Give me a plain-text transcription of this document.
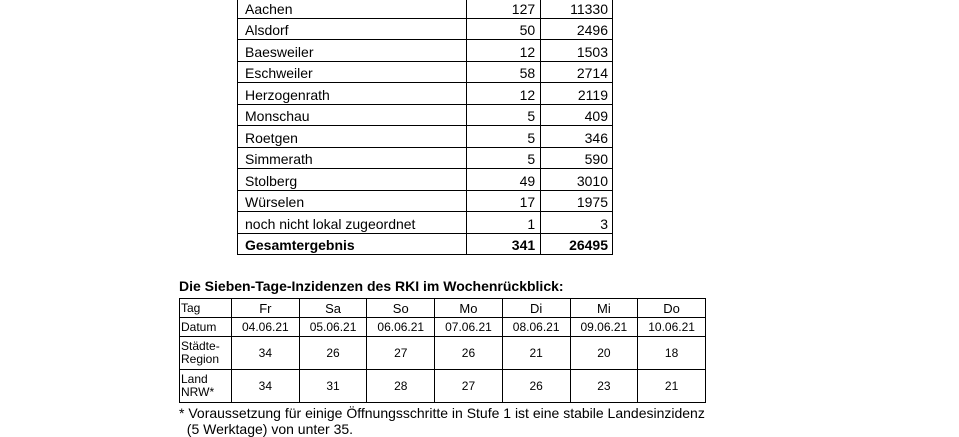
Aachen	127	11330
Alsdorf	50	2496
Baesweiler	12	1503
Eschweiler	58	2714
Herzogenrath	12	2119
Monschau	5	409
Roetgen	5	346
Simmerath	5	590
Stolberg	49	3010
Würselen	17	1975
noch nicht lokal zugeordnet	1	3
Gesamtergebnis	341	26495

Die Sieben-Tage-Inzidenzen des RKI im Wochenrückblick:

Tag	Fr	Sa	So	Mo	Di	Mi	Do
Datum	04.06.21	05.06.21	06.06.21	07.06.21	08.06.21	09.06.21	10.06.21
Städte-
Region	34	26	27	26	21	20	18
Land
NRW*	34	31	28	27	26	23	21

* Voraussetzung für einige Öffnungsschritte in Stufe 1 ist eine stabile Landesinzidenz
(5 Werktage) von unter 35.
